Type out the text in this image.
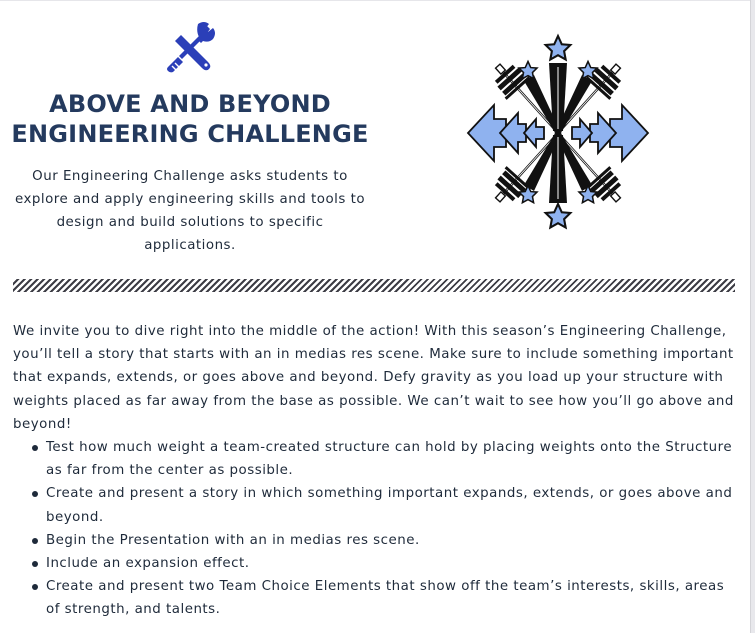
ABOVE AND BEYOND
ENGINEERING CHALLENGE
Our Engineering Challenge asks students to explore and apply engineering skills and tools to design and build solutions to specific applications.
We invite you to dive right into the middle of the action! With this season’s Engineering Challenge, you’ll tell a story that starts with an in medias res scene. Make sure to include something important that expands, extends, or goes above and beyond. Defy gravity as you load up your structure with weights placed as far away from the base as possible. We can’t wait to see how you’ll go above and beyond!
Test how much weight a team-created structure can hold by placing weights onto the Structure as far from the center as possible.
Create and present a story in which something important expands, extends, or goes above and beyond.
Begin the Presentation with an in medias res scene.
Include an expansion effect.
Create and present two Team Choice Elements that show off the team’s interests, skills, areas of strength, and talents.
